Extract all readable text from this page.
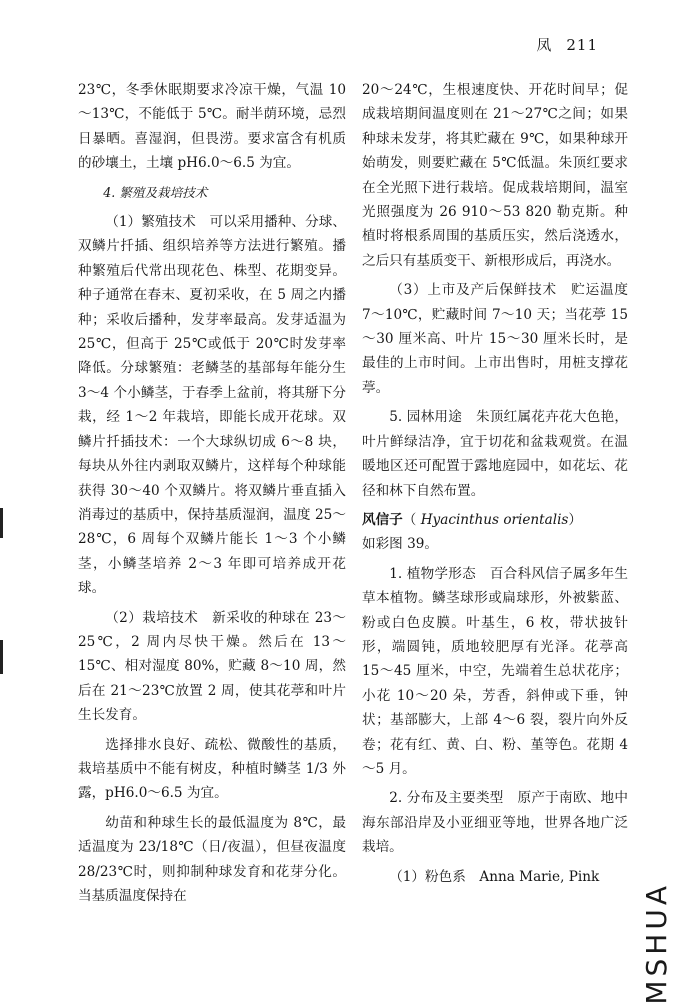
凤 211

23℃，冬季休眠期要求冷凉干燥，气温 10～13℃，不能低于 5℃。耐半荫环境，忌烈日暴晒。喜湿润，但畏涝。要求富含有机质的砂壤土，土壤 pH6.0～6.5 为宜。

4. 繁殖及栽培技术

（1）繁殖技术　可以采用播种、分球、双鳞片扦插、组织培养等方法进行繁殖。播种繁殖后代常出现花色、株型、花期变异。种子通常在春末、夏初采收，在 5 周之内播种；采收后播种，发芽率最高。发芽适温为 25℃，但高于 25℃或低于 20℃时发芽率降低。分球繁殖：老鳞茎的基部每年能分生 3～4 个小鳞茎，于春季上盆前，将其掰下分栽，经 1～2 年栽培，即能长成开花球。双鳞片扦插技术：一个大球纵切成 6～8 块，每块从外往内剥取双鳞片，这样每个种球能获得 30～40 个双鳞片。将双鳞片垂直插入消毒过的基质中，保持基质湿润，温度 25～28℃，6 周每个双鳞片能长 1～3 个小鳞茎，小鳞茎培养 2～3 年即可培养成开花球。

（2）栽培技术　新采收的种球在 23～25℃，2 周内尽快干燥。然后在 13～15℃、相对湿度 80%，贮藏 8～10 周，然后在 21～23℃放置 2 周，使其花葶和叶片生长发育。

选择排水良好、疏松、微酸性的基质，栽培基质中不能有树皮，种植时鳞茎 1/3 外露，pH6.0～6.5 为宜。

幼苗和种球生长的最低温度为 8℃，最适温度为 23/18℃（日/夜温），但昼夜温度 28/23℃时，则抑制种球发育和花芽分化。当基质温度保持在

20～24℃，生根速度快、开花时间早；促成栽培期间温度则在 21～27℃之间；如果种球未发芽，将其贮藏在 9℃，如果种球开始萌发，则要贮藏在 5℃低温。朱顶红要求在全光照下进行栽培。促成栽培期间，温室光照强度为 26 910～53 820 勒克斯。种植时将根系周围的基质压实，然后浇透水，之后只有基质变干、新根形成后，再浇水。

（3）上市及产后保鲜技术　贮运温度 7～10℃，贮藏时间 7～10 天；当花葶 15～30 厘米高、叶片 15～30 厘米长时，是最佳的上市时间。上市出售时，用桩支撑花葶。

5. 园林用途　朱顶红属花卉花大色艳，叶片鲜绿洁净，宜于切花和盆栽观赏。在温暖地区还可配置于露地庭园中，如花坛、花径和林下自然布置。

风信子（ Hyacinthus orientalis）

如彩图 39。

1. 植物学形态　百合科风信子属多年生草本植物。鳞茎球形或扁球形，外被紫蓝、粉或白色皮膜。叶基生，6 枚，带状披针形，端圆钝，质地较肥厚有光泽。花葶高 15～45 厘米，中空，先端着生总状花序；小花 10～20 朵，芳香，斜伸或下垂，钟状；基部膨大，上部 4～6 裂，裂片向外反卷；花有红、黄、白、粉、堇等色。花期 4～5 月。

2. 分布及主要类型　原产于南欧、地中海东部沿岸及小亚细亚等地，世界各地广泛栽培。

（1）粉色系　Anna Marie, Pink

MSHUA
